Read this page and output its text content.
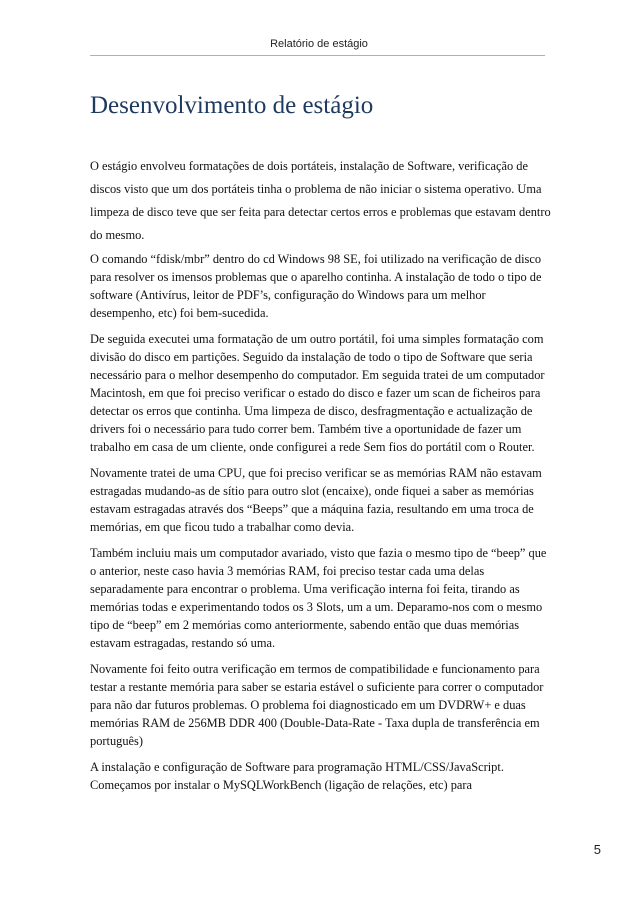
Relatório de estágio
Desenvolvimento de estágio

O estágio envolveu formatações de dois portáteis, instalação de Software, verificação de discos visto que um dos portáteis tinha o problema de não iniciar o sistema operativo. Uma limpeza de disco teve que ser feita para detectar certos erros e problemas que estavam dentro do mesmo.

O comando “fdisk/mbr” dentro do cd Windows 98 SE, foi utilizado na verificação de disco para resolver os imensos problemas que o aparelho continha. A instalação de todo o tipo de software (Antivírus, leitor de PDF’s, configuração do Windows para um melhor desempenho, etc) foi bem-sucedida.

De seguida executei uma formatação de um outro portátil, foi uma simples formatação com divisão do disco em partições. Seguido da instalação de todo o tipo de Software que seria necessário para o melhor desempenho do computador. Em seguida tratei de um computador Macintosh, em que foi preciso verificar o estado do disco e fazer um scan de ficheiros para detectar os erros que continha. Uma limpeza de disco, desfragmentação e actualização de drivers foi o necessário para tudo correr bem. Também tive a oportunidade de fazer um trabalho em casa de um cliente, onde configurei a rede Sem fios do portátil com o Router.

Novamente tratei de uma CPU, que foi preciso verificar se as memórias RAM não estavam estragadas mudando-as de sítio para outro slot (encaixe), onde fiquei a saber as memórias estavam estragadas através dos “Beeps” que a máquina fazia, resultando em uma troca de memórias, em que ficou tudo a trabalhar como devia.

Também incluiu mais um computador avariado, visto que fazia o mesmo tipo de “beep” que o anterior, neste caso havia 3 memórias RAM, foi preciso testar cada uma delas separadamente para encontrar o problema. Uma verificação interna foi feita, tirando as memórias todas e experimentando todos os 3 Slots, um a um. Deparamo-nos com o mesmo tipo de “beep” em 2 memórias como anteriormente, sabendo então que duas memórias estavam estragadas, restando só uma.

Novamente foi feito outra verificação em termos de compatibilidade e funcionamento para testar a restante memória para saber se estaria estável o suficiente para correr o computador para não dar futuros problemas. O problema foi diagnosticado em um DVDRW+ e duas memórias RAM de 256MB DDR 400 (Double-Data-Rate - Taxa dupla de transferência em português)

A instalação e configuração de Software para programação HTML/CSS/JavaScript. Começamos por instalar o MySQLWorkBench (ligação de relações, etc) para

5
